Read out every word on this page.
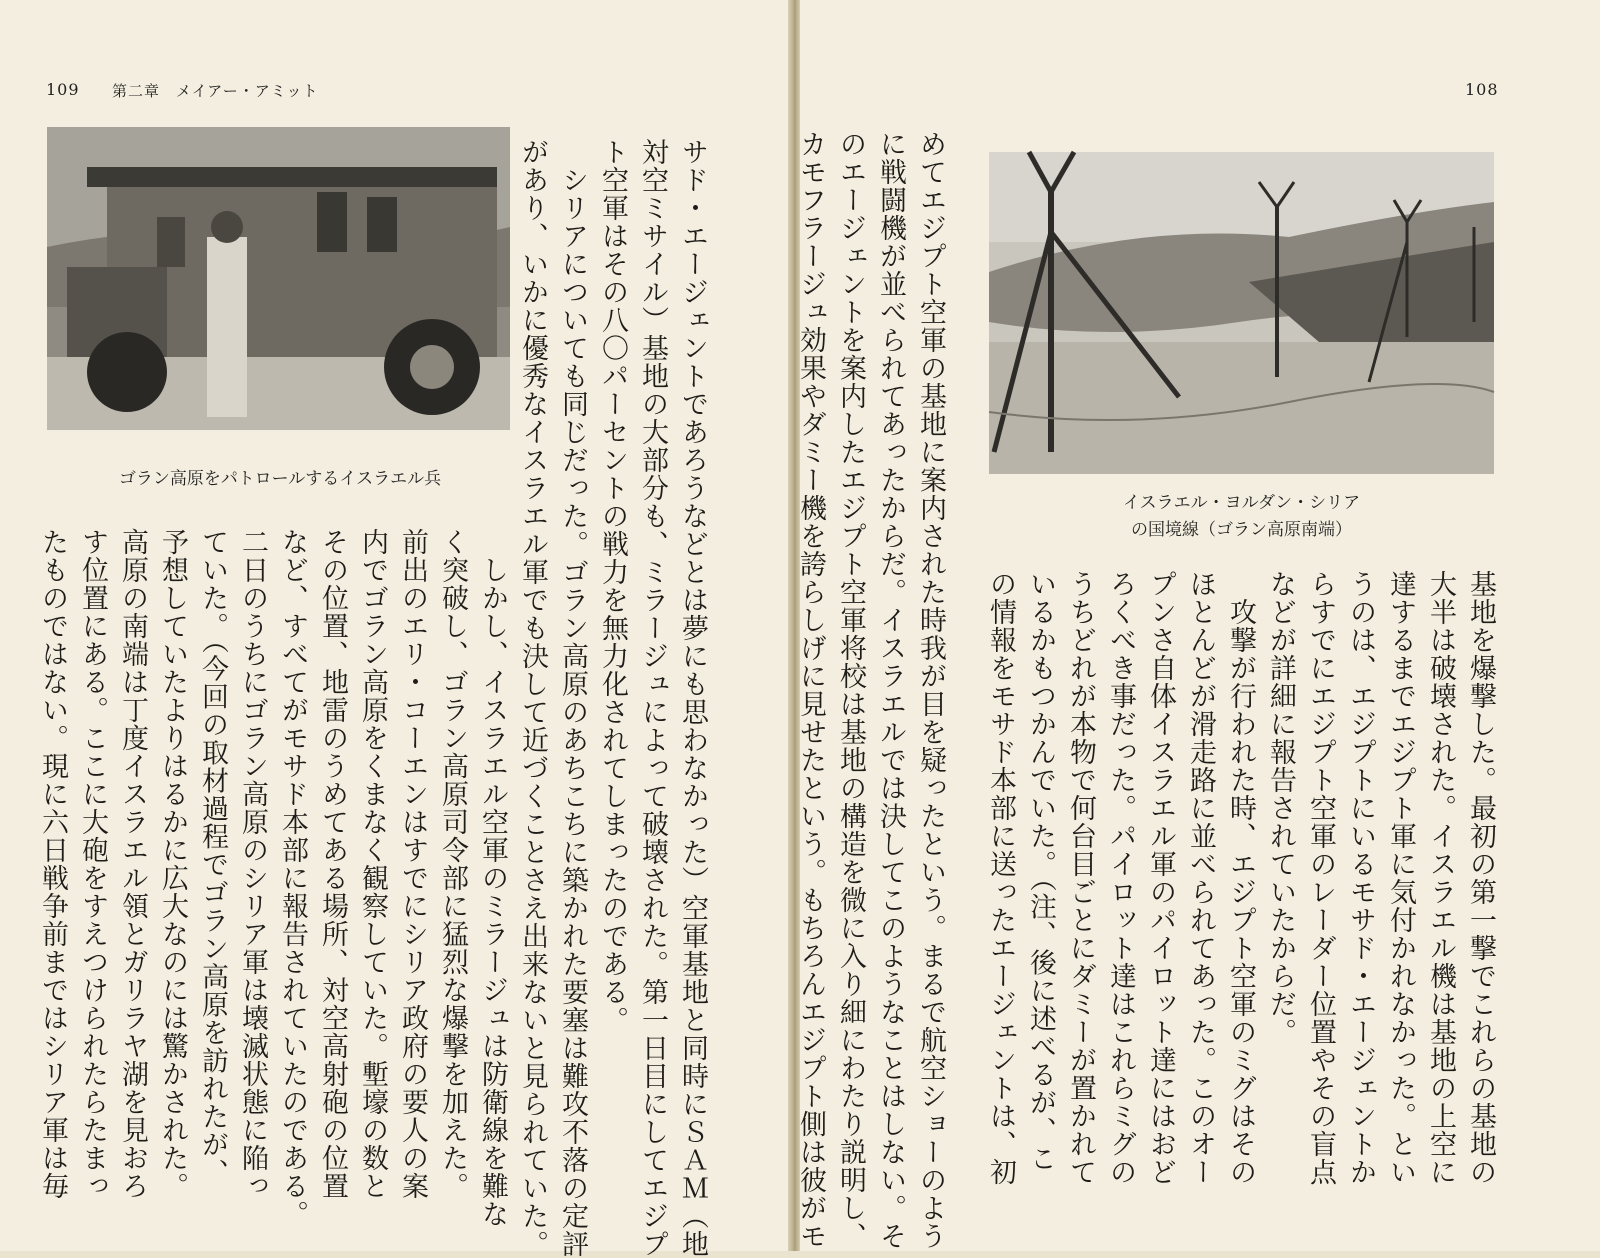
109 第二章　メイアー・アミット
ゴラン高原をパトロールするイスラエル兵	サド・エージェントであろうなどとは夢にも思わなかった）空軍基地と同時にＳＡＭ（地
対空ミサイル）基地の大部分も、ミラージュによって破壊された。第一日目にしてエジプ
ト空軍はその八〇パーセントの戦力を無力化されてしまったのである。
　シリアについても同じだった。ゴラン高原のあちこちに築かれた要塞は難攻不落の定評
があり、いかに優秀なイスラエル軍でも決して近づくことさえ出来ないと見られていた。
　しかし、イスラエル空軍のミラージュは防衛線を難な
く突破し、ゴラン高原司令部に猛烈な爆撃を加えた。
前出のエリ・コーエンはすでにシリア政府の要人の案
内でゴラン高原をくまなく観察していた。塹壕の数と
その位置、地雷のうめてある場所、対空高射砲の位置
など、すべてがモサド本部に報告されていたのである。
二日のうちにゴラン高原のシリア軍は壊滅状態に陥っ
ていた。（今回の取材過程でゴラン高原を訪れたが、
予想していたよりはるかに広大なのには驚かされた。
高原の南端は丁度イスラエル領とガリラヤ湖を見おろ
す位置にある。ここに大砲をすえつけられたらたまっ
たものではない。現に六日戦争前まではシリア軍は毎
108
イスラエル・ヨルダン・シリア
の国境線（ゴラン高原南端）
めてエジプト空軍の基地に案内された時我が目を疑ったという。まるで航空ショーのよう
に戦闘機が並べられてあったからだ。イスラエルでは決してこのようなことはしない。そ
のエージェントを案内したエジプト空軍将校は基地の構造を微に入り細にわたり説明し、
カモフラージュ効果やダミー機を誇らしげに見せたという。もちろんエジプト側は彼がモ	基地を爆撃した。最初の第一撃でこれらの基地の
大半は破壊された。イスラエル機は基地の上空に
達するまでエジプト軍に気付かれなかった。とい
うのは、エジプトにいるモサド・エージェントか
らすでにエジプト空軍のレーダー位置やその盲点
などが詳細に報告されていたからだ。
　攻撃が行われた時、エジプト空軍のミグはその
ほとんどが滑走路に並べられてあった。このオー
プンさ自体イスラエル軍のパイロット達にはおど
ろくべき事だった。パイロット達はこれらミグの
うちどれが本物で何台目ごとにダミーが置かれて
いるかもつかんでいた。（注、後に述べるが、こ
の情報をモサド本部に送ったエージェントは、初
